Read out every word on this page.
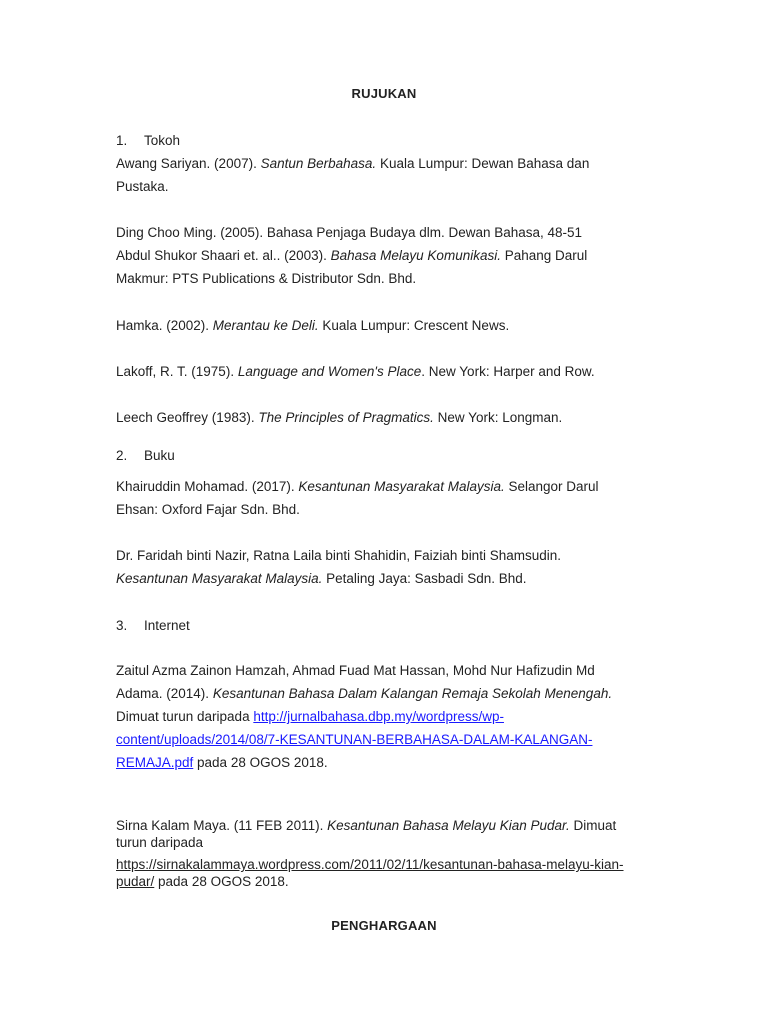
RUJUKAN
1. Tokoh
Awang Sariyan. (2007). Santun Berbahasa. Kuala Lumpur: Dewan Bahasa dan
Pustaka.
Ding Choo Ming. (2005). Bahasa Penjaga Budaya dlm. Dewan Bahasa, 48-51
Abdul Shukor Shaari et. al.. (2003). Bahasa Melayu Komunikasi. Pahang Darul
Makmur: PTS Publications & Distributor Sdn. Bhd.
Hamka. (2002). Merantau ke Deli. Kuala Lumpur: Crescent News.
Lakoff, R. T. (1975). Language and Women's Place. New York: Harper and Row.
Leech Geoffrey (1983). The Principles of Pragmatics. New York: Longman.
2. Buku
Khairuddin Mohamad. (2017). Kesantunan Masyarakat Malaysia. Selangor Darul
Ehsan: Oxford Fajar Sdn. Bhd.
Dr. Faridah binti Nazir, Ratna Laila binti Shahidin, Faiziah binti Shamsudin.
Kesantunan Masyarakat Malaysia. Petaling Jaya: Sasbadi Sdn. Bhd.
3. Internet
Zaitul Azma Zainon Hamzah, Ahmad Fuad Mat Hassan, Mohd Nur Hafizudin Md
Adama. (2014). Kesantunan Bahasa Dalam Kalangan Remaja Sekolah Menengah.
Dimuat turun daripada http://jurnalbahasa.dbp.my/wordpress/wp-
content/uploads/2014/08/7-KESANTUNAN-BERBAHASA-DALAM-KALANGAN-
REMAJA.pdf pada 28 OGOS 2018.
Sirna Kalam Maya. (11 FEB 2011). Kesantunan Bahasa Melayu Kian Pudar. Dimuat
turun daripada
https://sirnakalammaya.wordpress.com/2011/02/11/kesantunan-bahasa-melayu-kian-
pudar/ pada 28 OGOS 2018.
PENGHARGAAN
